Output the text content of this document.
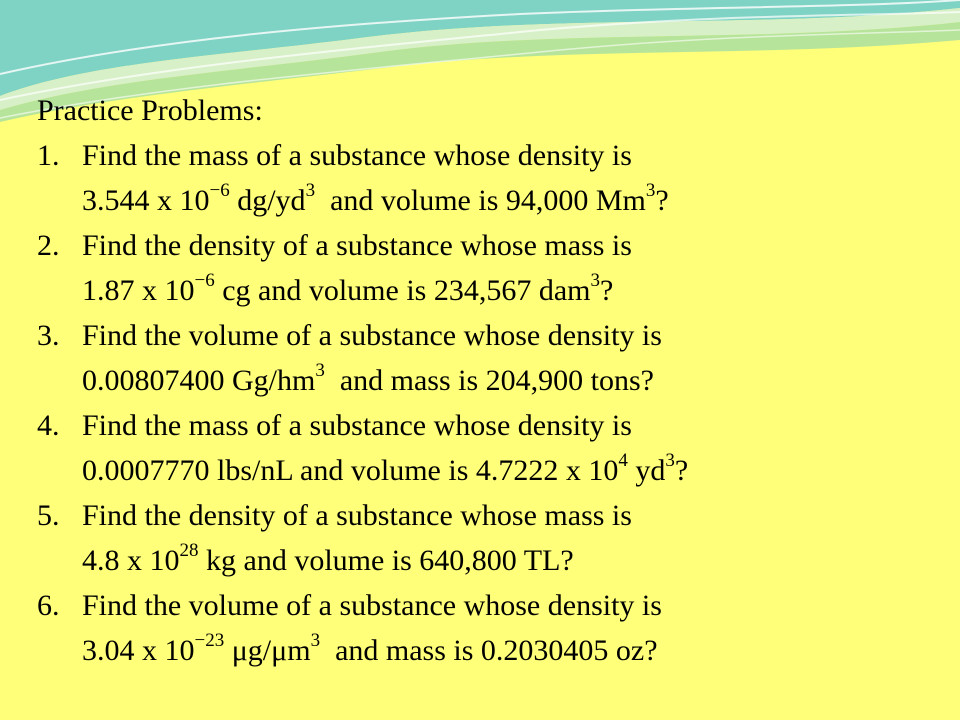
Practice Problems:
1. Find the mass of a substance whose density is
3.544 x $10^{-6}$ $dg/yd^3$  and volume is 94,000 Mm$^3$?
2. Find the density of a substance whose mass is
1.87 x $10^{-6}$ cg and volume is 234,567 dam$^3$?
3. Find the volume of a substance whose density is
0.00807400 $Gg/hm^3$  and mass is 204,900 tons?
4. Find the mass of a substance whose density is
0.0007770 lbs/nL and volume is 4.7222 x $10^4$ $yd^3$?
5. Find the density of a substance whose mass is
4.8 x $10^{28}$ kg and volume is 640,800 TL?
6. Find the volume of a substance whose density is
3.04 x $10^{-23}$ $\mu g/\mu m^3$  and mass is 0.2030405 oz?
